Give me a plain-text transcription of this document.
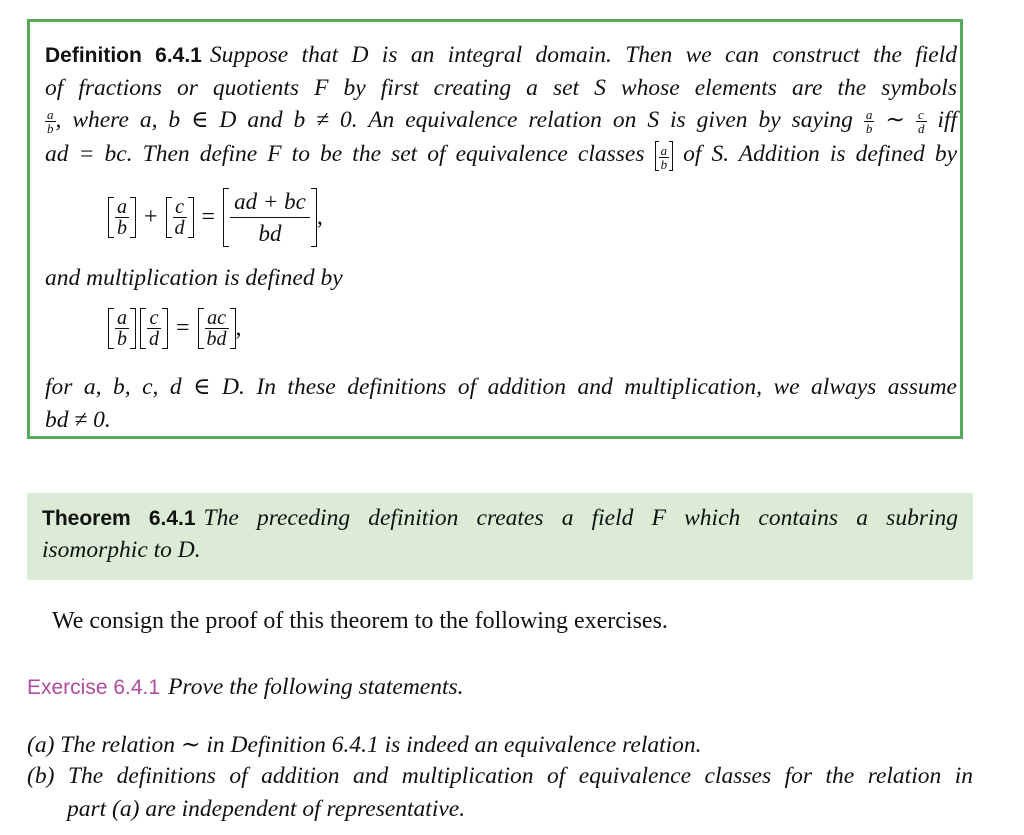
Definition 6.4.1 Suppose that D is an integral domain. Then we can construct the field
of fractions or quotients F by first creating a set S whose elements are the symbols
$\frac{a}{b}$ , where a, b ∈ D and b ≠ 0. An equivalence relation on S is given by saying $\frac{a}{b}$ ∼ $\frac{c}{d}$ iff
ad = bc. Then define F to be the set of equivalence classes $\frac{a}{b}$ of S. Addition is defined by
$\frac{a}{b} + \frac{c}{d} = \frac{ad + bc}{bd}$ ,
and multiplication is defined by
$\frac{a}{b} \frac{c}{d} = \frac{ac}{bd}$ ,
for a, b, c, d ∈ D. In these definitions of addition and multiplication, we always assume
bd ≠ 0.
Theorem 6.4.1 The preceding definition creates a field F which contains a subring
isomorphic to D.
We consign the proof of this theorem to the following exercises.
Exercise 6.4.1 Prove the following statements.
(a) The relation ∼ in Definition 6.4.1 is indeed an equivalence relation.
(b) The definitions of addition and multiplication of equivalence classes for the relation in
part (a) are independent of representative.
